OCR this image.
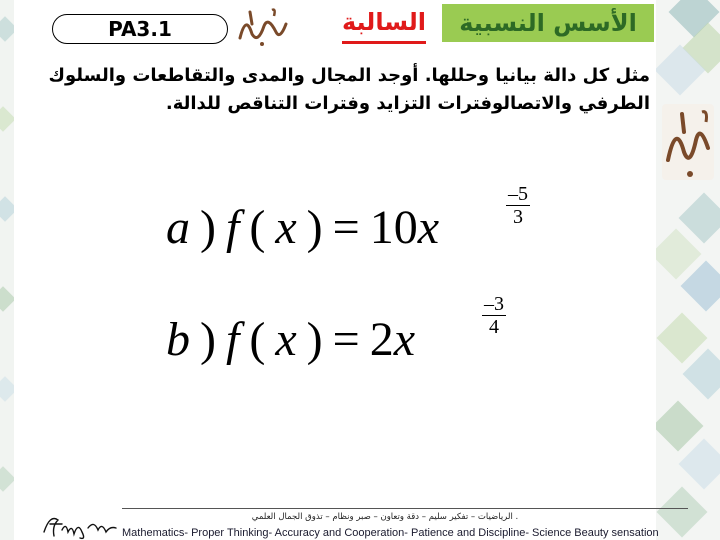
PA3.1	السالبة الأسس النسبية
مثل كل دالة بيانيا وحللها. أوجد المجال والمدى والتقاطعات والسلوك
الطرفي والاتصالوفترات التزايد وفترات التناقص للدالة.
a ) f ( x ) = 10x
–5
3
b ) f ( x ) = 2x
–3
4
. الرياضيات – تفكير سليم – دقة وتعاون – صبر ونظام – تذوق الجمال العلمي
Mathematics- Proper Thinking- Accuracy and Cooperation- Patience and Discipline- Science Beauty sensation
